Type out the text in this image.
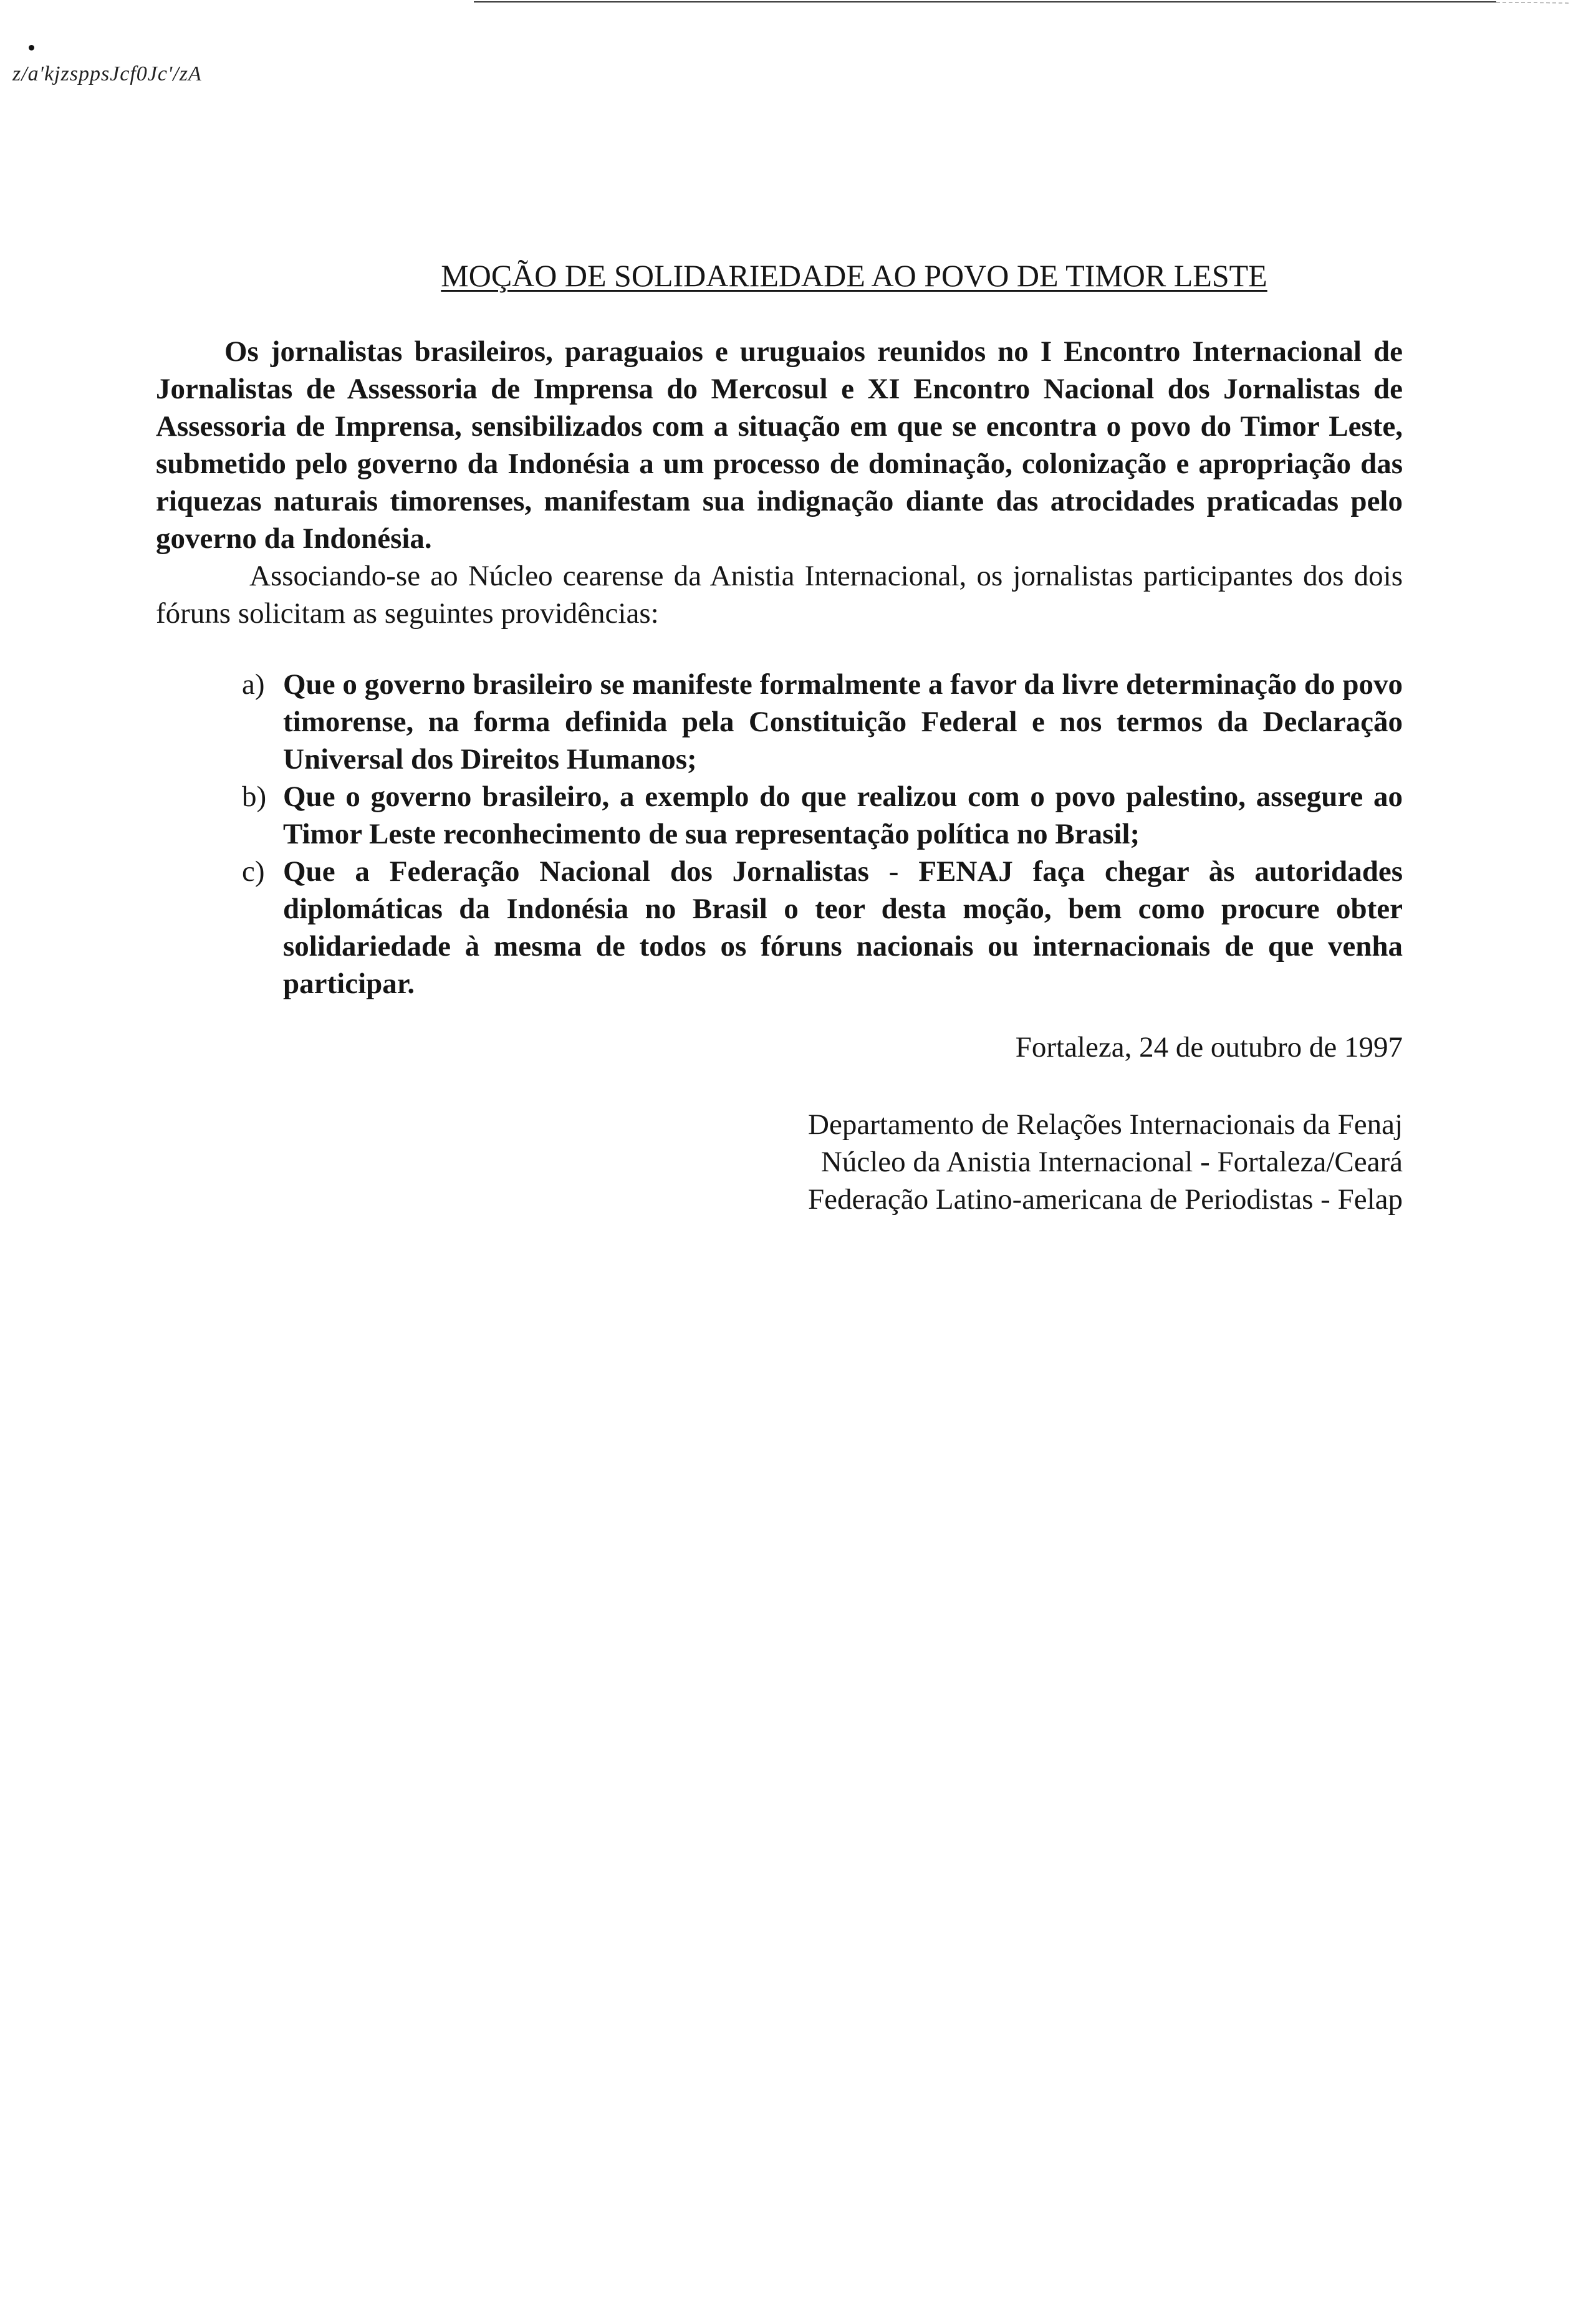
z/a'kjzsppsJcf0Jc'/zA
MOÇÃO DE SOLIDARIEDADE AO POVO DE TIMOR LESTE

Os jornalistas brasileiros, paraguaios e uruguaios reunidos no I Encontro Internacional de Jornalistas de Assessoria de Imprensa do Mercosul e XI Encontro Nacional dos Jornalistas de Assessoria de Imprensa, sensibilizados com a situação em que se encontra o povo do Timor Leste, submetido pelo governo da Indonésia a um processo de dominação, colonização e apropriação das riquezas naturais timorenses, manifestam sua indignação diante das atrocidades praticadas pelo governo da Indonésia.

Associando-se ao Núcleo cearense da Anistia Internacional, os jornalistas participantes dos dois fóruns solicitam as seguintes providências:

a) Que o governo brasileiro se manifeste formalmente a favor da livre determinação do povo timorense, na forma definida pela Constituição Federal e nos termos da Declaração Universal dos Direitos Humanos;
b) Que o governo brasileiro, a exemplo do que realizou com o povo palestino, assegure ao Timor Leste reconhecimento de sua representação política no Brasil;
c) Que a Federação Nacional dos Jornalistas - FENAJ faça chegar às autoridades diplomáticas da Indonésia no Brasil o teor desta moção, bem como procure obter solidariedade à mesma de todos os fóruns nacionais ou internacionais de que venha participar.
Fortaleza, 24 de outubro de 1997
Departamento de Relações Internacionais da Fenaj
Núcleo da Anistia Internacional - Fortaleza/Ceará
Federação Latino-americana de Periodistas - Felap
